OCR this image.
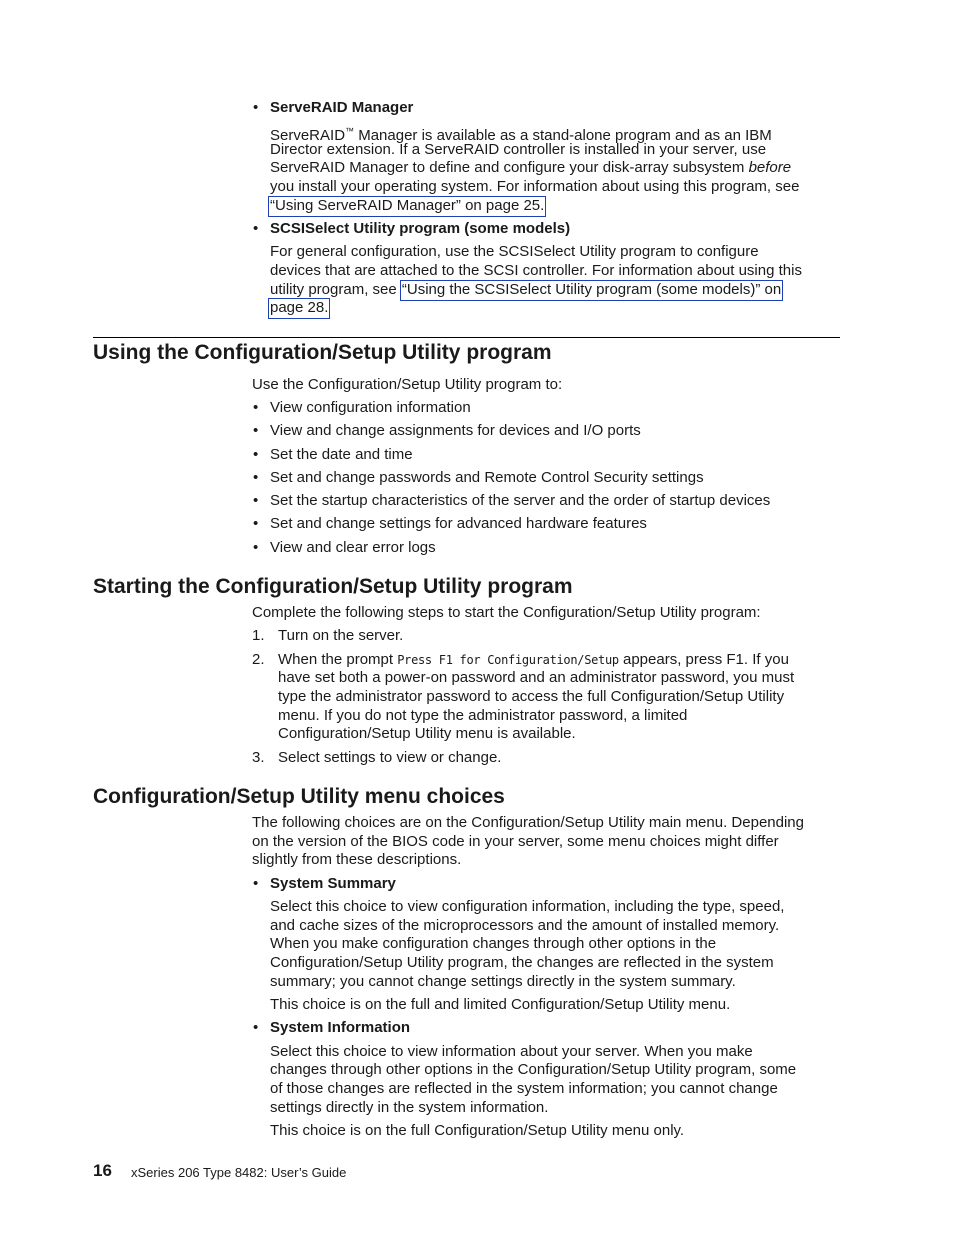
• ServeRAID Manager
ServeRAID™ Manager is available as a stand-alone program and as an IBM
Director extension. If a ServeRAID controller is installed in your server, use
ServeRAID Manager to define and configure your disk-array subsystem before
you install your operating system. For information about using this program, see
“Using ServeRAID Manager” on page 25.
• SCSISelect Utility program (some models)
For general configuration, use the SCSISelect Utility program to configure
devices that are attached to the SCSI controller. For information about using this
utility program, see “Using the SCSISelect Utility program (some models)” on
page 28.
Using the Configuration/Setup Utility program
Use the Configuration/Setup Utility program to:
• View configuration information
• View and change assignments for devices and I/O ports
• Set the date and time
• Set and change passwords and Remote Control Security settings
• Set the startup characteristics of the server and the order of startup devices
• Set and change settings for advanced hardware features
• View and clear error logs
Starting the Configuration/Setup Utility program
Complete the following steps to start the Configuration/Setup Utility program:
1. Turn on the server.
2. When the prompt Press F1 for Configuration/Setup appears, press F1. If you
have set both a power-on password and an administrator password, you must
type the administrator password to access the full Configuration/Setup Utility
menu. If you do not type the administrator password, a limited
Configuration/Setup Utility menu is available.
3. Select settings to view or change.
Configuration/Setup Utility menu choices
The following choices are on the Configuration/Setup Utility main menu. Depending
on the version of the BIOS code in your server, some menu choices might differ
slightly from these descriptions.
• System Summary
Select this choice to view configuration information, including the type, speed,
and cache sizes of the microprocessors and the amount of installed memory.
When you make configuration changes through other options in the
Configuration/Setup Utility program, the changes are reflected in the system
summary; you cannot change settings directly in the system summary.
This choice is on the full and limited Configuration/Setup Utility menu.
• System Information
Select this choice to view information about your server. When you make
changes through other options in the Configuration/Setup Utility program, some
of those changes are reflected in the system information; you cannot change
settings directly in the system information.
This choice is on the full Configuration/Setup Utility menu only.
16 xSeries 206 Type 8482: User’s Guide
